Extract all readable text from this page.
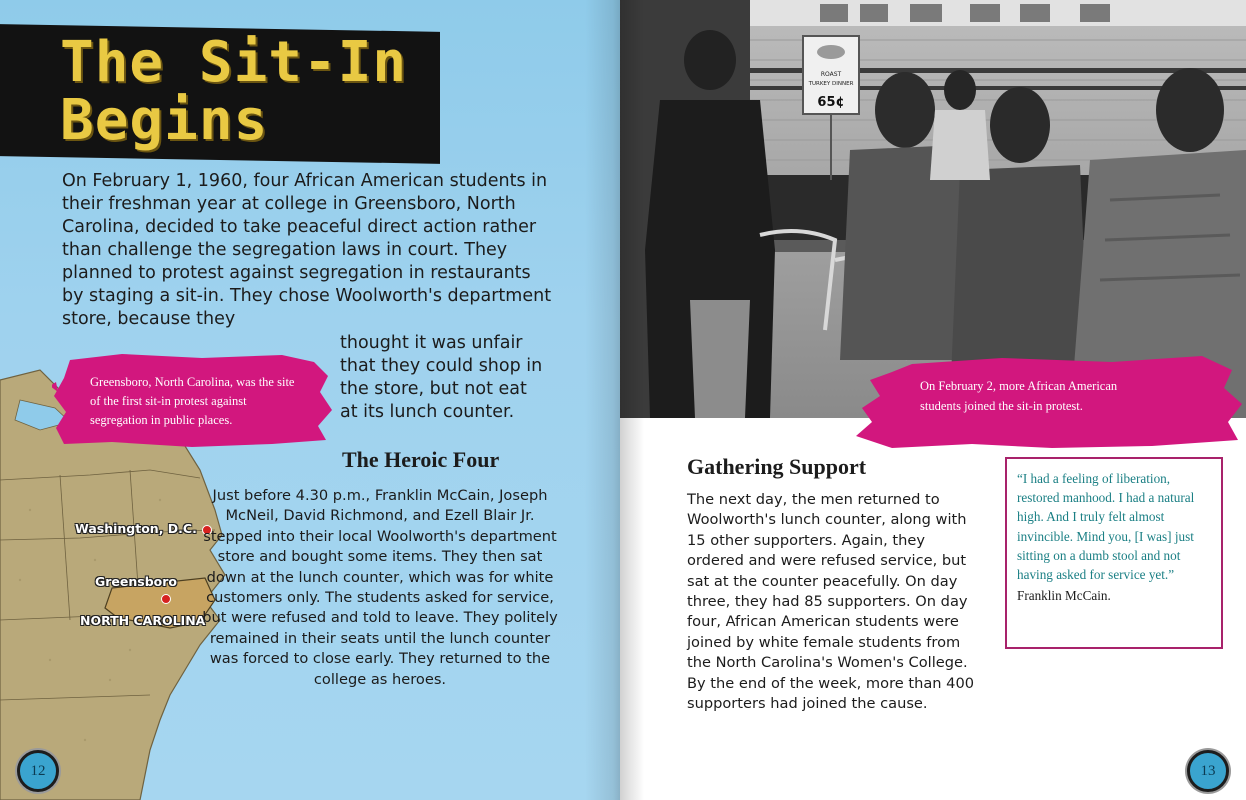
The Sit-In
Begins

On February 1, 1960, four African American students in their freshman year at college in Greensboro, North Carolina, decided to take peaceful direct action rather than challenge the segregation laws in court. They planned to protest against segregation in restaurants by staging a sit-in. They chose Woolworth's department store, because they

thought it was unfair that they could shop in the store, but not eat at its lunch counter.

Washington, D.C.
Greensboro
NORTH CAROLINA

Greensboro, North Carolina, was the site of the first sit-in protest against segregation in public places.

The Heroic Four

Just before 4.30 p.m., Franklin McCain, Joseph McNeil, David Richmond, and Ezell Blair Jr. stepped into their local Woolworth's department store and bought some items. They then sat down at the lunch counter, which was for white customers only. The students asked for service, but were refused and told to leave. They politely remained in their seats until the lunch counter was forced to close early. They returned to the college as heroes.

12
ROAST
TURKEY DINNER
65¢

On February 2, more African American students joined the sit-in protest.

Gathering Support

The next day, the men returned to Woolworth's lunch counter, along with 15 other supporters. Again, they ordered and were refused service, but sat at the counter peacefully. On day three, they had 85 supporters. On day four, African American students were joined by white female students from the North Carolina's Women's College. By the end of the week, more than 400 supporters had joined the cause.

“I had a feeling of liberation, restored manhood. I had a natural high. And I truly felt almost invincible. Mind you, [I was] just sitting on a dumb stool and not having asked for service yet.”

Franklin McCain.

13
